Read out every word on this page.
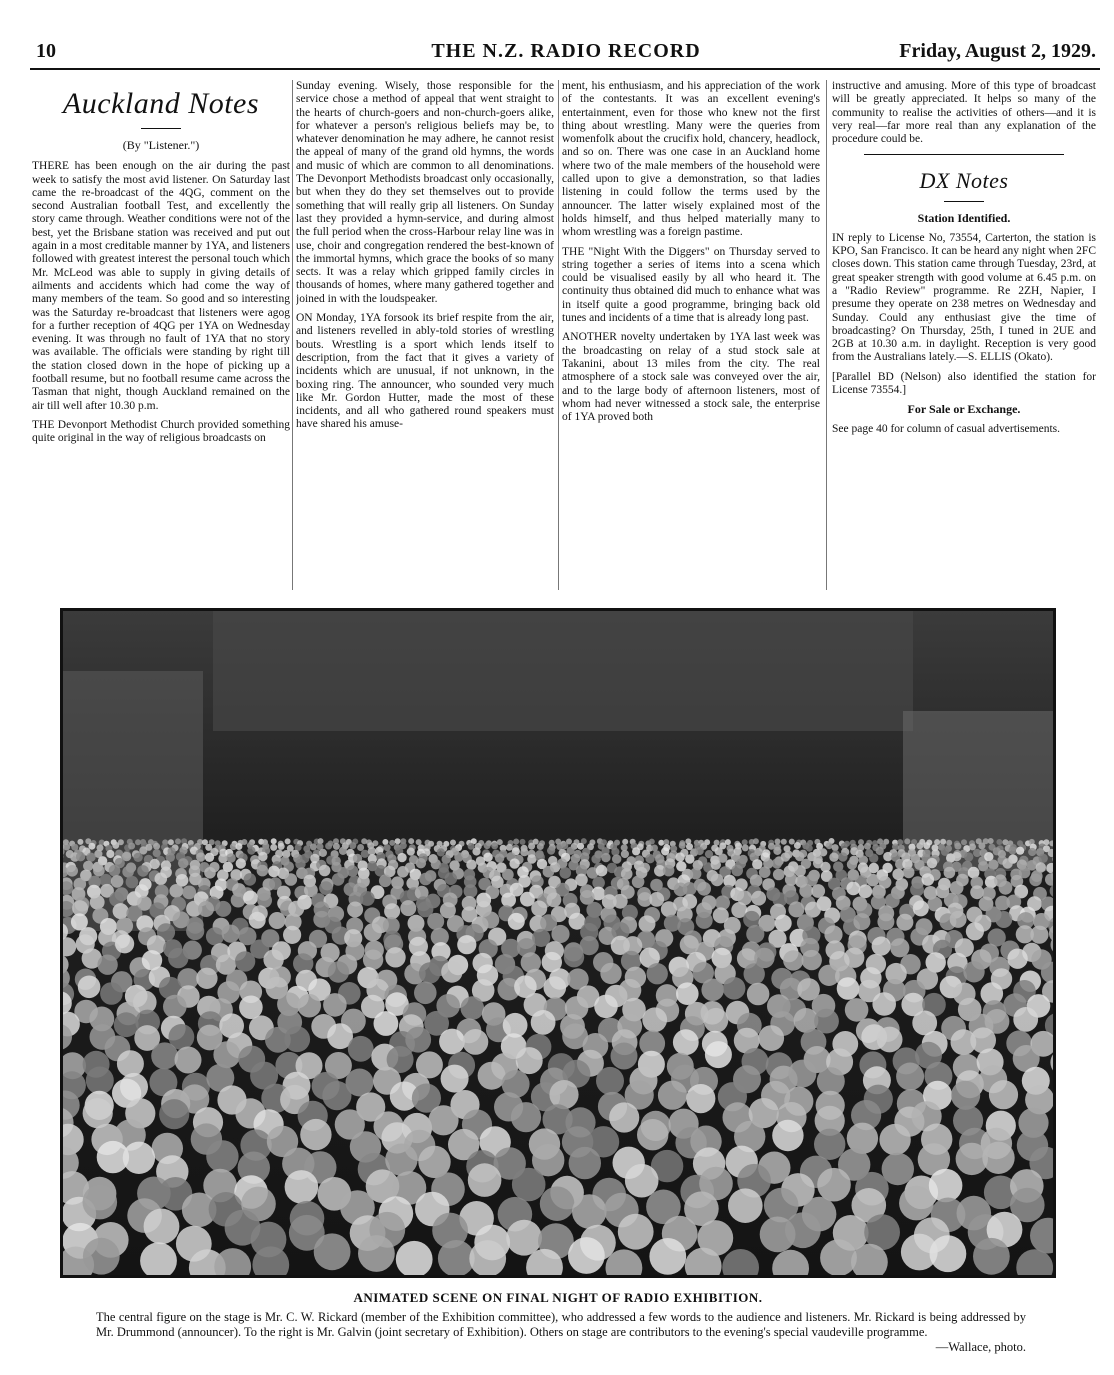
10	THE N.Z. RADIO RECORD	Friday, August 2, 1929.
Auckland Notes
(By "Listener.")

THERE has been enough on the air during the past week to satisfy the most avid listener. On Saturday last came the re-broadcast of the 4QG, comment on the second Australian football Test, and excellently the story came through. Weather conditions were not of the best, yet the Brisbane station was received and put out again in a most creditable manner by 1YA, and listeners followed with greatest interest the personal touch which Mr. McLeod was able to supply in giving details of ailments and accidents which had come the way of many members of the team. So good and so interesting was the Saturday re-broadcast that listeners were agog for a further reception of 4QG per 1YA on Wednesday evening. It was through no fault of 1YA that no story was available. The officials were standing by right till the station closed down in the hope of picking up a football resume, but no football resume came across the Tasman that night, though Auckland remained on the air till well after 10.30 p.m.

THE Devonport Methodist Church provided something quite original in the way of religious broadcasts on

Sunday evening. Wisely, those responsible for the service chose a method of appeal that went straight to the hearts of church-goers and non-church-goers alike, for whatever a person's religious beliefs may be, to whatever denomination he may adhere, he cannot resist the appeal of many of the grand old hymns, the words and music of which are common to all denominations. The Devonport Methodists broadcast only occasionally, but when they do they set themselves out to provide something that will really grip all listeners. On Sunday last they provided a hymn-service, and during almost the full period when the cross-Harbour relay line was in use, choir and congregation rendered the best-known of the immortal hymns, which grace the books of so many sects. It was a relay which gripped family circles in thousands of homes, where many gathered together and joined in with the loudspeaker.

ON Monday, 1YA forsook its brief respite from the air, and listeners revelled in ably-told stories of wrestling bouts. Wrestling is a sport which lends itself to description, from the fact that it gives a variety of incidents which are unusual, if not unknown, in the boxing ring. The announcer, who sounded very much like Mr. Gordon Hutter, made the most of these incidents, and all who gathered round speakers must have shared his amuse-

ment, his enthusiasm, and his appreciation of the work of the contestants. It was an excellent evening's entertainment, even for those who knew not the first thing about wrestling. Many were the queries from womenfolk about the crucifix hold, chancery, headlock, and so on. There was one case in an Auckland home where two of the male members of the household were called upon to give a demonstration, so that ladies listening in could follow the terms used by the announcer. The latter wisely explained most of the holds himself, and thus helped materially many to whom wrestling was a foreign pastime.

THE "Night With the Diggers" on Thursday served to string together a series of items into a scena which could be visualised easily by all who heard it. The continuity thus obtained did much to enhance what was in itself quite a good programme, bringing back old tunes and incidents of a time that is already long past.

ANOTHER novelty undertaken by 1YA last week was the broadcasting on relay of a stud stock sale at Takanini, about 13 miles from the city. The real atmosphere of a stock sale was conveyed over the air, and to the large body of afternoon listeners, most of whom had never witnessed a stock sale, the enterprise of 1YA proved both

instructive and amusing. More of this type of broadcast will be greatly appreciated. It helps so many of the community to realise the activities of others—and it is very real—far more real than any explanation of the procedure could be.

DX Notes
Station Identified.

IN reply to License No, 73554, Carterton, the station is KPO, San Francisco. It can be heard any night when 2FC closes down. This station came through Tuesday, 23rd, at great speaker strength with good volume at 6.45 p.m. on a "Radio Review" programme. Re 2ZH, Napier, I presume they operate on 238 metres on Wednesday and Sunday. Could any enthusiast give the time of broadcasting? On Thursday, 25th, I tuned in 2UE and 2GB at 10.30 a.m. in daylight. Reception is very good from the Australians lately.—S. ELLIS (Okato).

[Parallel BD (Nelson) also identified the station for License 73554.]

For Sale or Exchange.

See page 40 for column of casual advertisements.

ANIMATED SCENE ON FINAL NIGHT OF RADIO EXHIBITION.
The central figure on the stage is Mr. C. W. Rickard (member of the Exhibition committee), who addressed a few words to the audience and listeners. Mr. Rickard is being addressed by Mr. Drummond (announcer). To the right is Mr. Galvin (joint secretary of Exhibition). Others on stage are contributors to the evening's special vaudeville programme.
—Wallace, photo.
